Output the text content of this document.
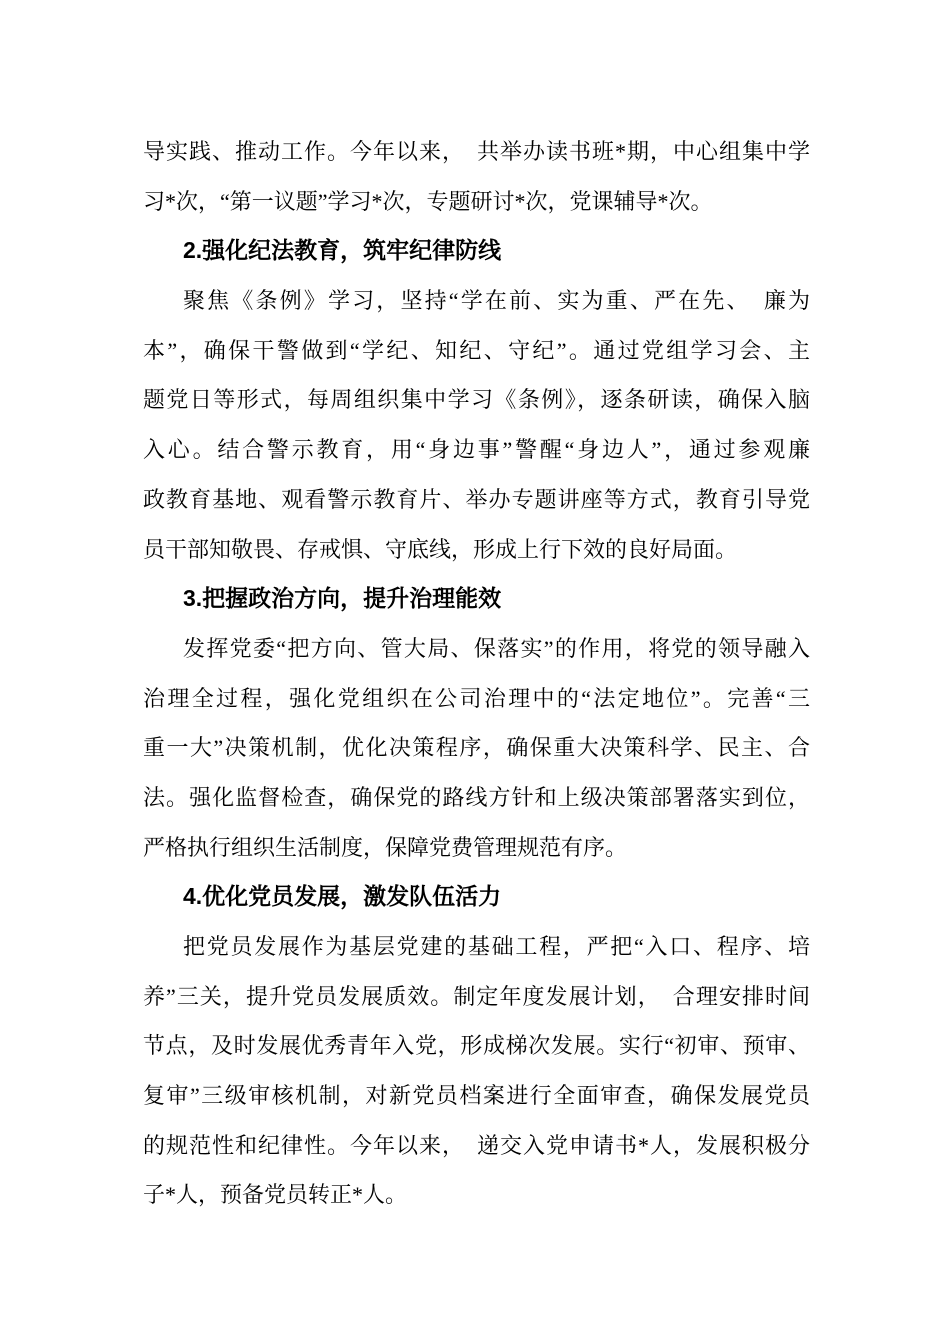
导实践、推动工作。今年以来，　共举办读书班*期，中心组集中学
习*次，“第一议题”学习*次，专题研讨*次，党课辅导*次。
2.强化纪法教育，筑牢纪律防线
聚焦《条例》学习，坚持“学在前、实为重、严在先、　廉为
本”，确保干警做到“学纪、知纪、守纪”。通过党组学习会、主
题党日等形式，每周组织集中学习《条例》，逐条研读，确保入脑
入心。结合警示教育，用“身边事”警醒“身边人”，通过参观廉
政教育基地、观看警示教育片、举办专题讲座等方式，教育引导党
员干部知敬畏、存戒惧、守底线，形成上行下效的良好局面。
3.把握政治方向，提升治理能效
发挥党委“把方向、管大局、保落实”的作用，将党的领导融入
治理全过程，强化党组织在公司治理中的“法定地位”。完善“三
重一大”决策机制，优化决策程序，确保重大决策科学、民主、合
法。强化监督检查，确保党的路线方针和上级决策部署落实到位，
严格执行组织生活制度，保障党费管理规范有序。
4.优化党员发展，激发队伍活力
把党员发展作为基层党建的基础工程，严把“入口、程序、培
养”三关，提升党员发展质效。制定年度发展计划，　合理安排时间
节点，及时发展优秀青年入党，形成梯次发展。实行“初审、预审、
复审”三级审核机制，对新党员档案进行全面审查，确保发展党员
的规范性和纪律性。今年以来，　递交入党申请书*人，发展积极分
子*人，预备党员转正*人。
